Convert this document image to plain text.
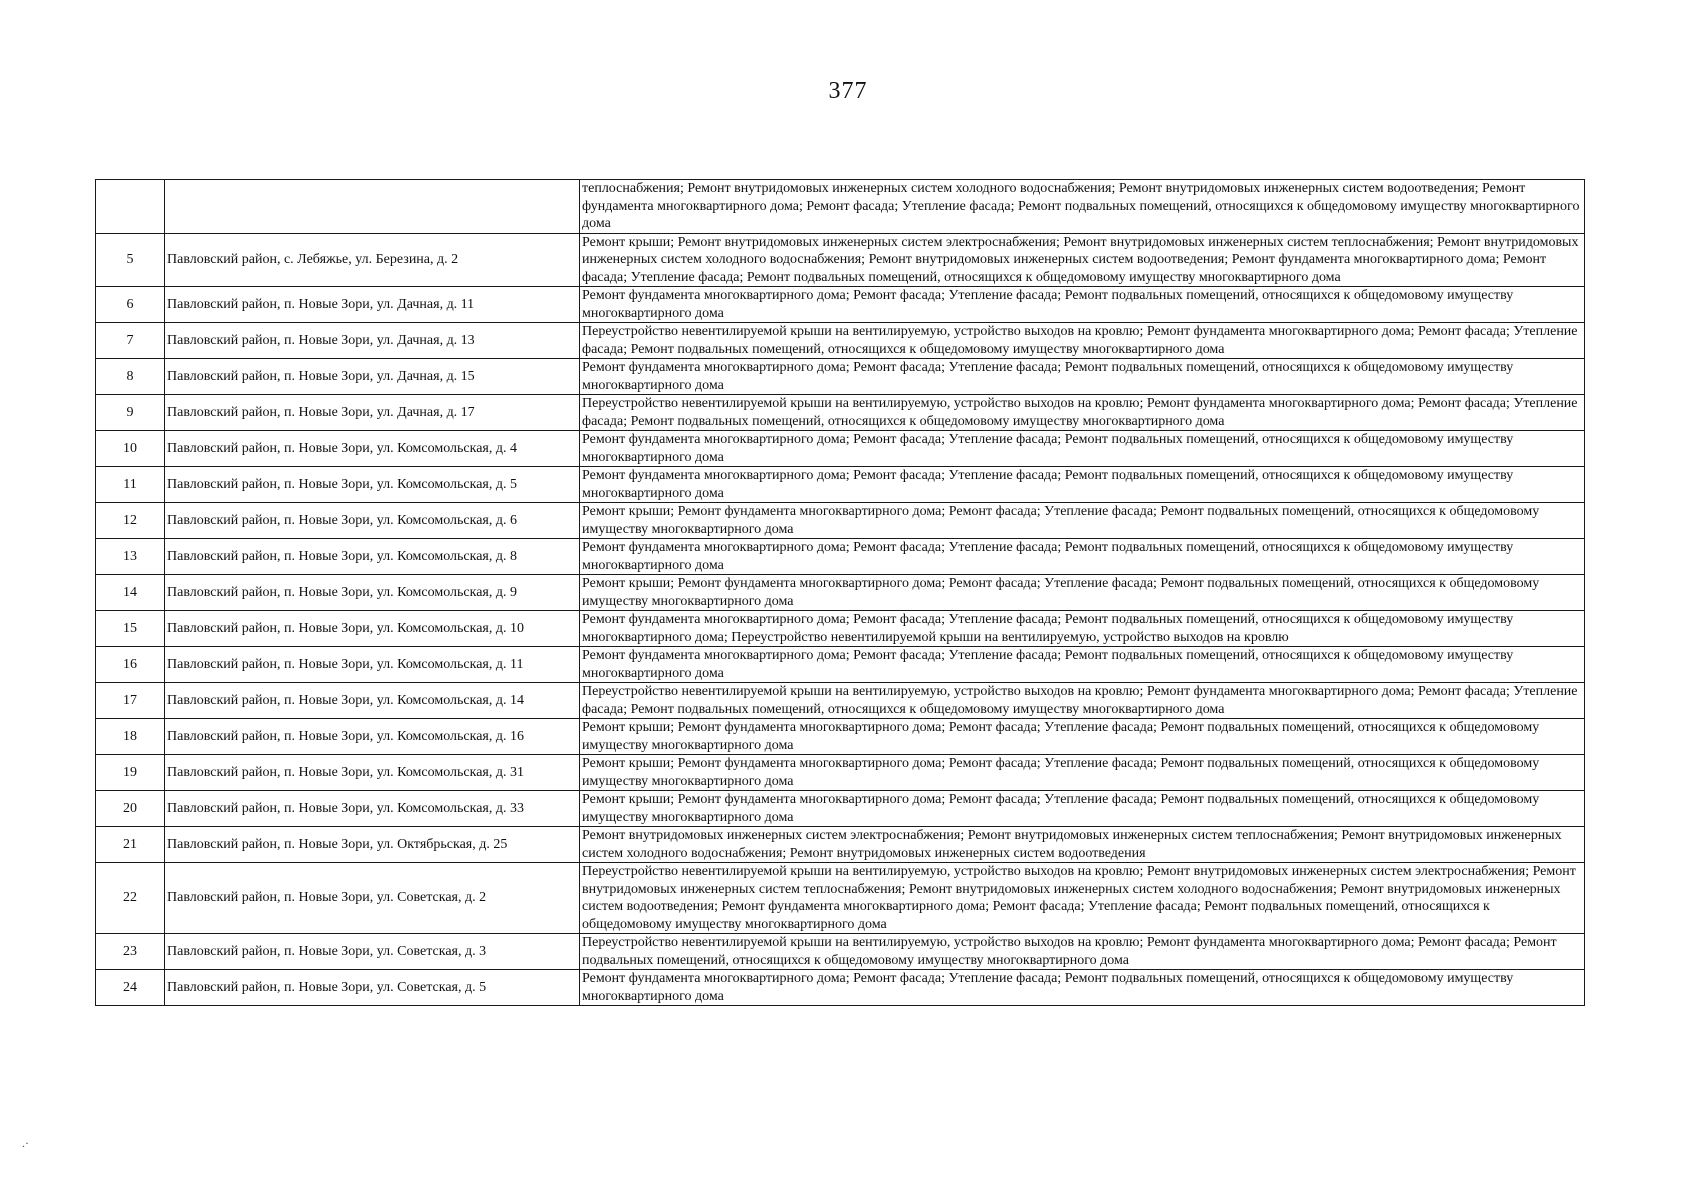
377
		теплоснабжения; Ремонт внутридомовых инженерных систем холодного водоснабжения; Ремонт внутридомовых инженерных систем водоотведения; Ремонт фундамента многоквартирного дома; Ремонт фасада; Утепление фасада; Ремонт подвальных помещений, относящихся к общедомовому имуществу многоквартирного дома
5	Павловский район, с. Лебяжье, ул. Березина, д. 2	Ремонт крыши; Ремонт внутридомовых инженерных систем электроснабжения; Ремонт внутридомовых инженерных систем теплоснабжения; Ремонт внутридомовых инженерных систем холодного водоснабжения; Ремонт внутридомовых инженерных систем водоотведения; Ремонт фундамента многоквартирного дома; Ремонт фасада; Утепление фасада; Ремонт подвальных помещений, относящихся к общедомовому имуществу многоквартирного дома
6	Павловский район, п. Новые Зори, ул. Дачная, д. 11	Ремонт фундамента многоквартирного дома; Ремонт фасада; Утепление фасада; Ремонт подвальных помещений, относящихся к общедомовому имуществу многоквартирного дома
7	Павловский район, п. Новые Зори, ул. Дачная, д. 13	Переустройство невентилируемой крыши на вентилируемую, устройство выходов на кровлю; Ремонт фундамента многоквартирного дома; Ремонт фасада; Утепление фасада; Ремонт подвальных помещений, относящихся к общедомовому имуществу многоквартирного дома
8	Павловский район, п. Новые Зори, ул. Дачная, д. 15	Ремонт фундамента многоквартирного дома; Ремонт фасада; Утепление фасада; Ремонт подвальных помещений, относящихся к общедомовому имуществу многоквартирного дома
9	Павловский район, п. Новые Зори, ул. Дачная, д. 17	Переустройство невентилируемой крыши на вентилируемую, устройство выходов на кровлю; Ремонт фундамента многоквартирного дома; Ремонт фасада; Утепление фасада; Ремонт подвальных помещений, относящихся к общедомовому имуществу многоквартирного дома
10	Павловский район, п. Новые Зори, ул. Комсомольская, д. 4	Ремонт фундамента многоквартирного дома; Ремонт фасада; Утепление фасада; Ремонт подвальных помещений, относящихся к общедомовому имуществу многоквартирного дома
11	Павловский район, п. Новые Зори, ул. Комсомольская, д. 5	Ремонт фундамента многоквартирного дома; Ремонт фасада; Утепление фасада; Ремонт подвальных помещений, относящихся к общедомовому имуществу многоквартирного дома
12	Павловский район, п. Новые Зори, ул. Комсомольская, д. 6	Ремонт крыши; Ремонт фундамента многоквартирного дома; Ремонт фасада; Утепление фасада; Ремонт подвальных помещений, относящихся к общедомовому имуществу многоквартирного дома
13	Павловский район, п. Новые Зори, ул. Комсомольская, д. 8	Ремонт фундамента многоквартирного дома; Ремонт фасада; Утепление фасада; Ремонт подвальных помещений, относящихся к общедомовому имуществу многоквартирного дома
14	Павловский район, п. Новые Зори, ул. Комсомольская, д. 9	Ремонт крыши; Ремонт фундамента многоквартирного дома; Ремонт фасада; Утепление фасада; Ремонт подвальных помещений, относящихся к общедомовому имуществу многоквартирного дома
15	Павловский район, п. Новые Зори, ул. Комсомольская, д. 10	Ремонт фундамента многоквартирного дома; Ремонт фасада; Утепление фасада; Ремонт подвальных помещений, относящихся к общедомовому имуществу многоквартирного дома; Переустройство невентилируемой крыши на вентилируемую, устройство выходов на кровлю
16	Павловский район, п. Новые Зори, ул. Комсомольская, д. 11	Ремонт фундамента многоквартирного дома; Ремонт фасада; Утепление фасада; Ремонт подвальных помещений, относящихся к общедомовому имуществу многоквартирного дома
17	Павловский район, п. Новые Зори, ул. Комсомольская, д. 14	Переустройство невентилируемой крыши на вентилируемую, устройство выходов на кровлю; Ремонт фундамента многоквартирного дома; Ремонт фасада; Утепление фасада; Ремонт подвальных помещений, относящихся к общедомовому имуществу многоквартирного дома
18	Павловский район, п. Новые Зори, ул. Комсомольская, д. 16	Ремонт крыши; Ремонт фундамента многоквартирного дома; Ремонт фасада; Утепление фасада; Ремонт подвальных помещений, относящихся к общедомовому имуществу многоквартирного дома
19	Павловский район, п. Новые Зори, ул. Комсомольская, д. 31	Ремонт крыши; Ремонт фундамента многоквартирного дома; Ремонт фасада; Утепление фасада; Ремонт подвальных помещений, относящихся к общедомовому имуществу многоквартирного дома
20	Павловский район, п. Новые Зори, ул. Комсомольская, д. 33	Ремонт крыши; Ремонт фундамента многоквартирного дома; Ремонт фасада; Утепление фасада; Ремонт подвальных помещений, относящихся к общедомовому имуществу многоквартирного дома
21	Павловский район, п. Новые Зори, ул. Октябрьская, д. 25	Ремонт внутридомовых инженерных систем электроснабжения; Ремонт внутридомовых инженерных систем теплоснабжения; Ремонт внутридомовых инженерных систем холодного водоснабжения; Ремонт внутридомовых инженерных систем водоотведения
22	Павловский район, п. Новые Зори, ул. Советская, д. 2	Переустройство невентилируемой крыши на вентилируемую, устройство выходов на кровлю; Ремонт внутридомовых инженерных систем электроснабжения; Ремонт внутридомовых инженерных систем теплоснабжения; Ремонт внутридомовых инженерных систем холодного водоснабжения; Ремонт внутридомовых инженерных систем водоотведения; Ремонт фундамента многоквартирного дома; Ремонт фасада; Утепление фасада; Ремонт подвальных помещений, относящихся к общедомовому имуществу многоквартирного дома
23	Павловский район, п. Новые Зори, ул. Советская, д. 3	Переустройство невентилируемой крыши на вентилируемую, устройство выходов на кровлю; Ремонт фундамента многоквартирного дома; Ремонт фасада; Ремонт подвальных помещений, относящихся к общедомовому имуществу многоквартирного дома
24	Павловский район, п. Новые Зори, ул. Советская, д. 5	Ремонт фундамента многоквартирного дома; Ремонт фасада; Утепление фасада; Ремонт подвальных помещений, относящихся к общедомовому имуществу многоквартирного дома
.·
